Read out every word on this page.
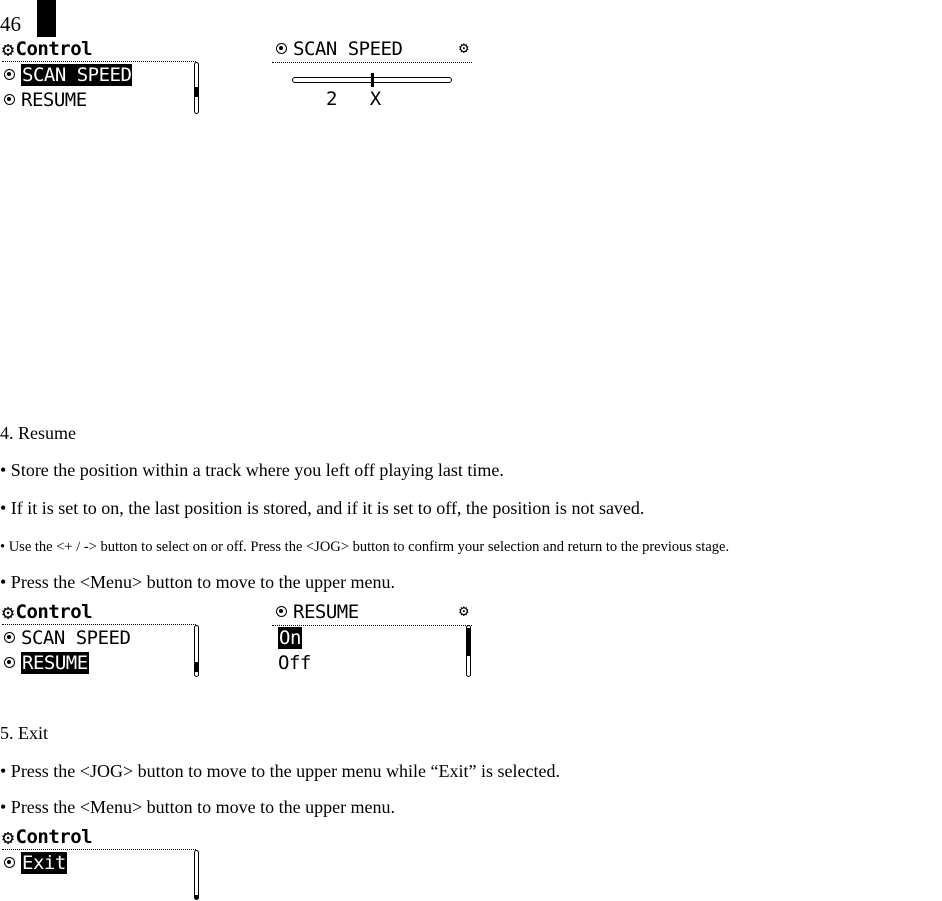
46
⚙ Control
SCAN SPEED
RESUME
SCAN SPEED	⚙
2 X
4. Resume
• Store the position within a track where you left off playing last time.
• If it is set to on, the last position is stored, and if it is set to off, the position is not saved.
• Use the <+ / -> button to select on or off. Press the <JOG> button to confirm your selection and return to the previous stage.
• Press the <Menu> button to move to the upper menu.
⚙ Control
SCAN SPEED
RESUME
RESUME	⚙
On
Off
5. Exit
• Press the <JOG> button to move to the upper menu while “Exit” is selected.
• Press the <Menu> button to move to the upper menu.
⚙ Control
Exit
